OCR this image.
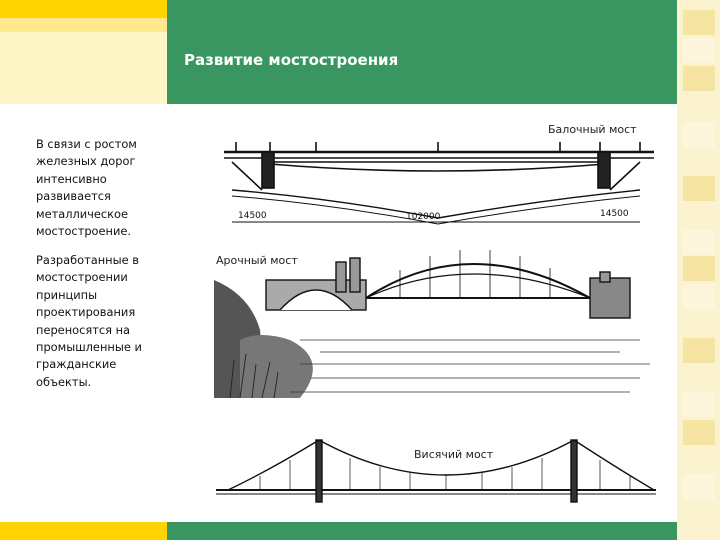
Развитие мостостроения
В связи с ростом железных дорог интенсивно развивается металлическое мостостроение.
Разработанные в мостостроении принципы проектирования переносятся на промышленные и гражданские объекты.
14500	102000	14500
Балочный мост
Арочный мост
Висячий мост
